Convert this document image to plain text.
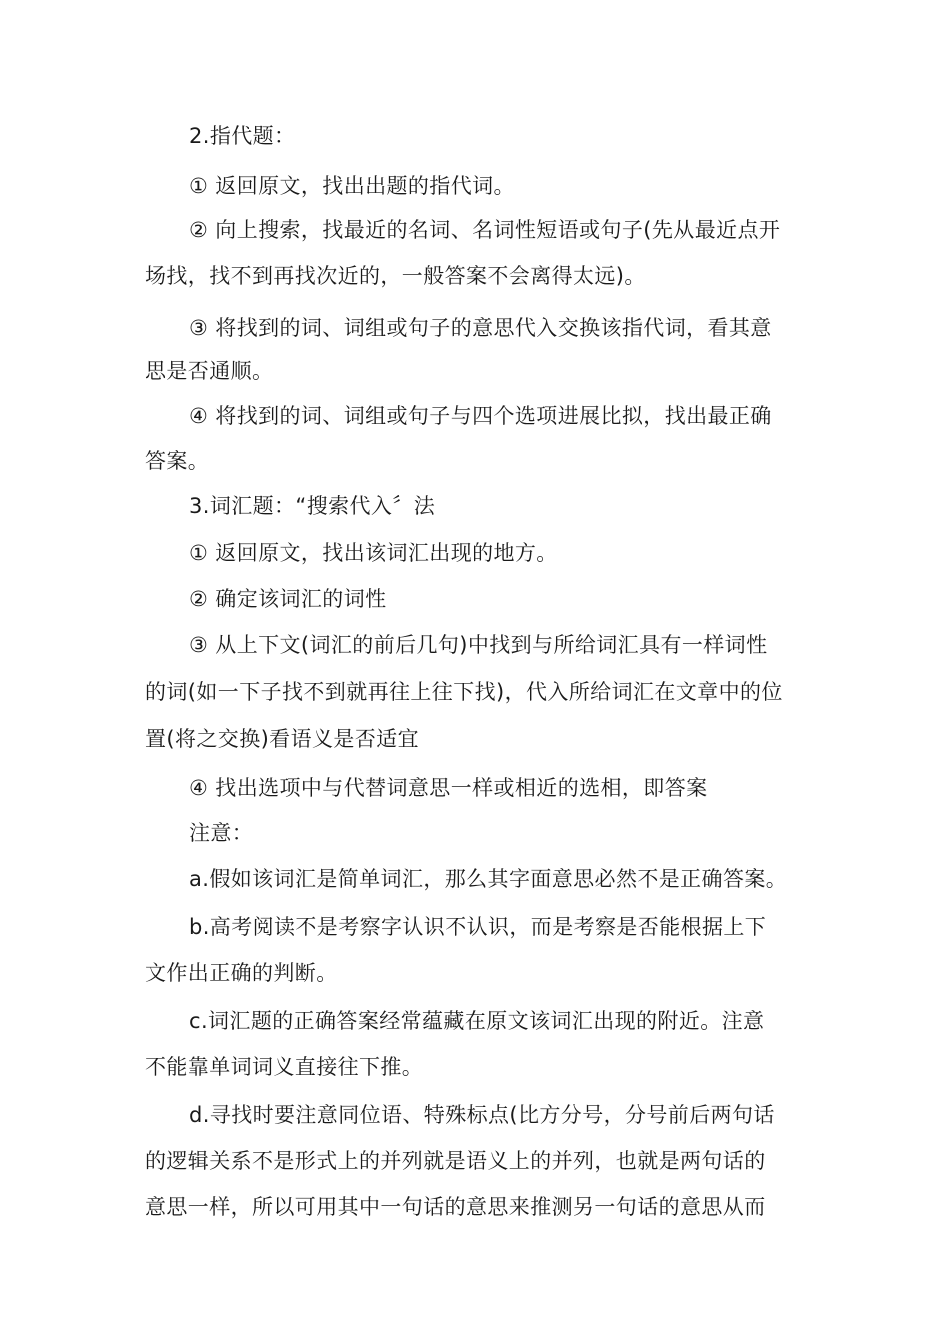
2.指代题：
① 返回原文，找出出题的指代词。
② 向上搜索，找最近的名词、名词性短语或句子(先从最近点开
场找，找不到再找次近的，一般答案不会离得太远)。
③ 将找到的词、词组或句子的意思代入交换该指代词，看其意
思是否通顺。
④ 将找到的词、词组或句子与四个选项进展比拟，找出最正确
答案。
3.词汇题：“搜索代入〞法
① 返回原文，找出该词汇出现的地方。
② 确定该词汇的词性
③ 从上下文(词汇的前后几句)中找到与所给词汇具有一样词性
的词(如一下子找不到就再往上往下找)，代入所给词汇在文章中的位
置(将之交换)看语义是否适宜
④ 找出选项中与代替词意思一样或相近的选相，即答案
注意：
a.假如该词汇是简单词汇，那么其字面意思必然不是正确答案。
b.高考阅读不是考察字认识不认识，而是考察是否能根据上下
文作出正确的判断。
c.词汇题的正确答案经常蕴藏在原文该词汇出现的附近。注意
不能靠单词词义直接往下推。
d.寻找时要注意同位语、特殊标点(比方分号，分号前后两句话
的逻辑关系不是形式上的并列就是语义上的并列，也就是两句话的
意思一样，所以可用其中一句话的意思来推测另一句话的意思从而
